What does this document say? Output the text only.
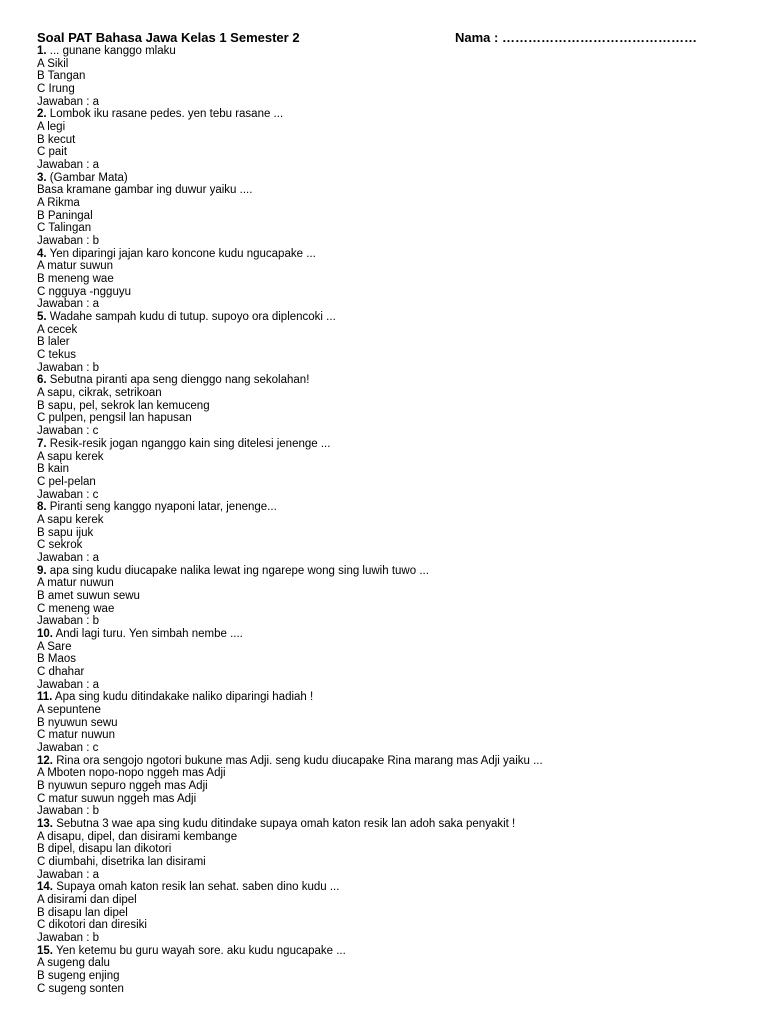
Soal PAT Bahasa Jawa Kelas 1 Semester 2	Nama : ………………………………………
1. ... gunane kanggo mlaku
A Sikil
B Tangan
C Irung
Jawaban : a
2. Lombok iku rasane pedes. yen tebu rasane ...
A legi
B kecut
C pait
Jawaban : a
3. (Gambar Mata)
Basa kramane gambar ing duwur yaiku ....
A Rikma
B Paningal
C Talingan
Jawaban : b
4. Yen diparingi jajan karo koncone kudu ngucapake ...
A matur suwun
B meneng wae
C ngguya -ngguyu
Jawaban : a
5. Wadahe sampah kudu di tutup. supoyo ora diplencoki ...
A cecek
B laler
C tekus
Jawaban : b
6. Sebutna piranti apa seng dienggo nang sekolahan!
A sapu, cikrak, setrikoan
B sapu, pel, sekrok lan kemuceng
C pulpen, pengsil lan hapusan
Jawaban : c
7. Resik-resik jogan nganggo kain sing ditelesi jenenge ...
A sapu kerek
B kain
C pel-pelan
Jawaban : c
8. Piranti seng kanggo nyaponi latar, jenenge...
A sapu kerek
B sapu ijuk
C sekrok
Jawaban : a
9. apa sing kudu diucapake nalika lewat ing ngarepe wong sing luwih tuwo ...
A matur nuwun
B amet suwun sewu
C meneng wae
Jawaban : b
10. Andi lagi turu. Yen simbah nembe ....
A Sare
B Maos
C dhahar
Jawaban : a
11. Apa sing kudu ditindakake naliko diparingi hadiah !
A sepuntene
B nyuwun sewu
C matur nuwun
Jawaban : c
12. Rina ora sengojo ngotori bukune mas Adji. seng kudu diucapake Rina marang mas Adji yaiku ...
A Mboten nopo-nopo nggeh mas Adji
B nyuwun sepuro nggeh mas Adji
C matur suwun nggeh mas Adji
Jawaban : b
13. Sebutna 3 wae apa sing kudu ditindake supaya omah katon resik lan adoh saka penyakit !
A disapu, dipel, dan disirami kembange
B dipel, disapu lan dikotori
C diumbahi, disetrika lan disirami
Jawaban : a
14. Supaya omah katon resik lan sehat. saben dino kudu ...
A disirami dan dipel
B disapu lan dipel
C dikotori dan diresiki
Jawaban : b
15. Yen ketemu bu guru wayah sore. aku kudu ngucapake ...
A sugeng dalu
B sugeng enjing
C sugeng sonten
